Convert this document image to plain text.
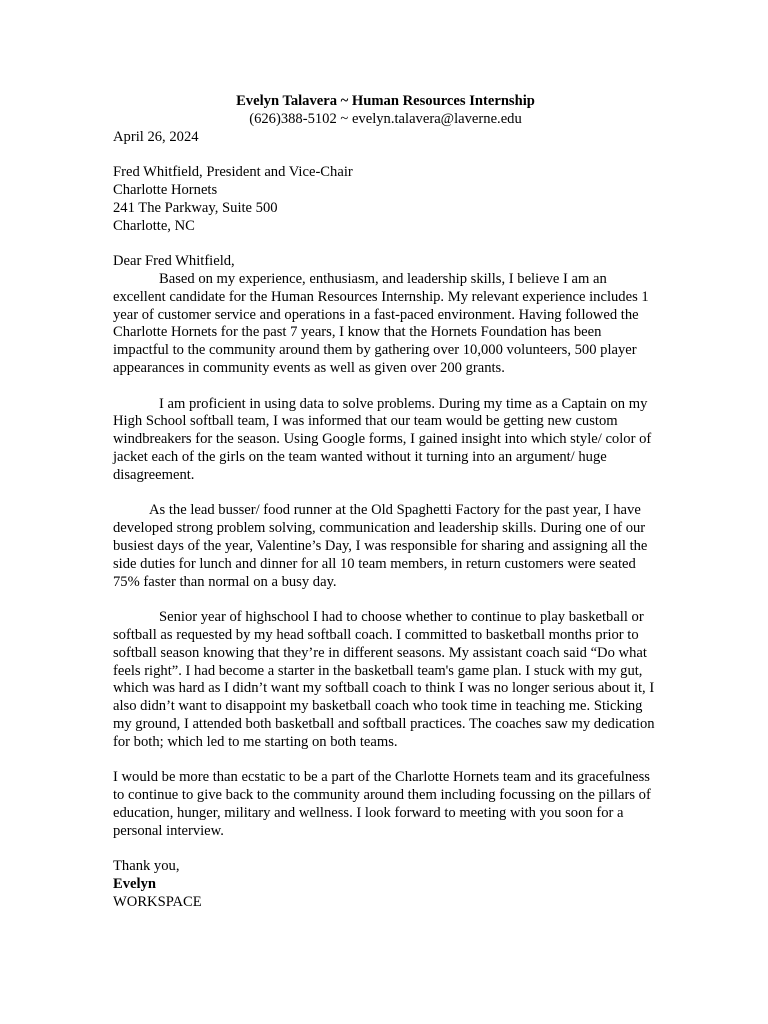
Evelyn Talavera ~ Human Resources Internship
(626)388-5102 ~ evelyn.talavera@laverne.edu
April 26, 2024
Fred Whitfield, President and Vice-Chair
Charlotte Hornets
241 The Parkway, Suite 500
Charlotte, NC
Dear Fred Whitfield,

Based on my experience, enthusiasm, and leadership skills, I believe I am an excellent candidate for the Human Resources Internship. My relevant experience includes 1 year of customer service and operations in a fast-paced environment. Having followed the Charlotte Hornets for the past 7 years, I know that the Hornets Foundation has been impactful to the community around them by gathering over 10,000 volunteers, 500 player appearances in community events as well as given over 200 grants.

I am proficient in using data to solve problems. During my time as a Captain on my High School softball team, I was informed that our team would be getting new custom windbreakers for the season. Using Google forms, I gained insight into which style/ color of jacket each of the girls on the team wanted without it turning into an argument/ huge disagreement.

As the lead busser/ food runner at the Old Spaghetti Factory for the past year, I have developed strong problem solving, communication and leadership skills. During one of our busiest days of the year, Valentine’s Day, I was responsible for sharing and assigning all the side duties for lunch and dinner for all 10 team members, in return customers were seated 75% faster than normal on a busy day.

Senior year of highschool I had to choose whether to continue to play basketball or softball as requested by my head softball coach. I committed to basketball months prior to softball season knowing that they’re in different seasons. My assistant coach said “Do what feels right”. I had become a starter in the basketball team's game plan. I stuck with my gut, which was hard as I didn’t want my softball coach to think I was no longer serious about it, I also didn’t want to disappoint my basketball coach who took time in teaching me. Sticking my ground, I attended both basketball and softball practices. The coaches saw my dedication for both; which led to me starting on both teams.

I would be more than ecstatic to be a part of the Charlotte Hornets team and its gracefulness to continue to give back to the community around them including focussing on the pillars of education, hunger, military and wellness. I look forward to meeting with you soon for a personal interview.

Thank you,
Evelyn
WORKSPACE
